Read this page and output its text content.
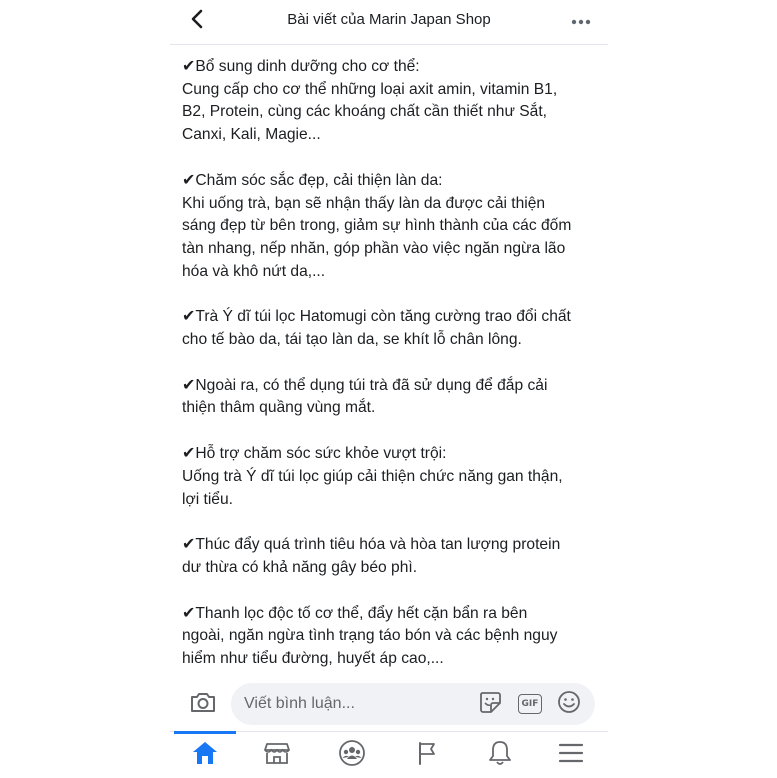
Bài viết của Marin Japan Shop
✔Bổ sung dinh dưỡng cho cơ thể:
Cung cấp cho cơ thể những loại axit amin, vitamin B1,
B2, Protein, cùng các khoáng chất cần thiết như Sắt,
Canxi, Kali, Magie...
✔Chăm sóc sắc đẹp, cải thiện làn da:
Khi uống trà, bạn sẽ nhận thấy làn da được cải thiện
sáng đẹp từ bên trong, giảm sự hình thành của các đốm
tàn nhang, nếp nhăn, góp phần vào việc ngăn ngừa lão
hóa và khô nứt da,...
✔Trà Ý dĩ túi lọc Hatomugi còn tăng cường trao đổi chất
cho tế bào da, tái tạo làn da, se khít lỗ chân lông.
✔Ngoài ra, có thể dụng túi trà đã sử dụng để đắp cải
thiện thâm quầng vùng mắt.
✔Hỗ trợ chăm sóc sức khỏe vượt trội:
Uống trà Ý dĩ túi lọc giúp cải thiện chức năng gan thận,
lợi tiểu.
✔Thúc đẩy quá trình tiêu hóa và hòa tan lượng protein
dư thừa có khả năng gây béo phì.
✔Thanh lọc độc tố cơ thể, đẩy hết cặn bẩn ra bên
ngoài, ngăn ngừa tình trạng táo bón và các bệnh nguy
hiểm như tiểu đường, huyết áp cao,...
Viết bình luận...	GIF
